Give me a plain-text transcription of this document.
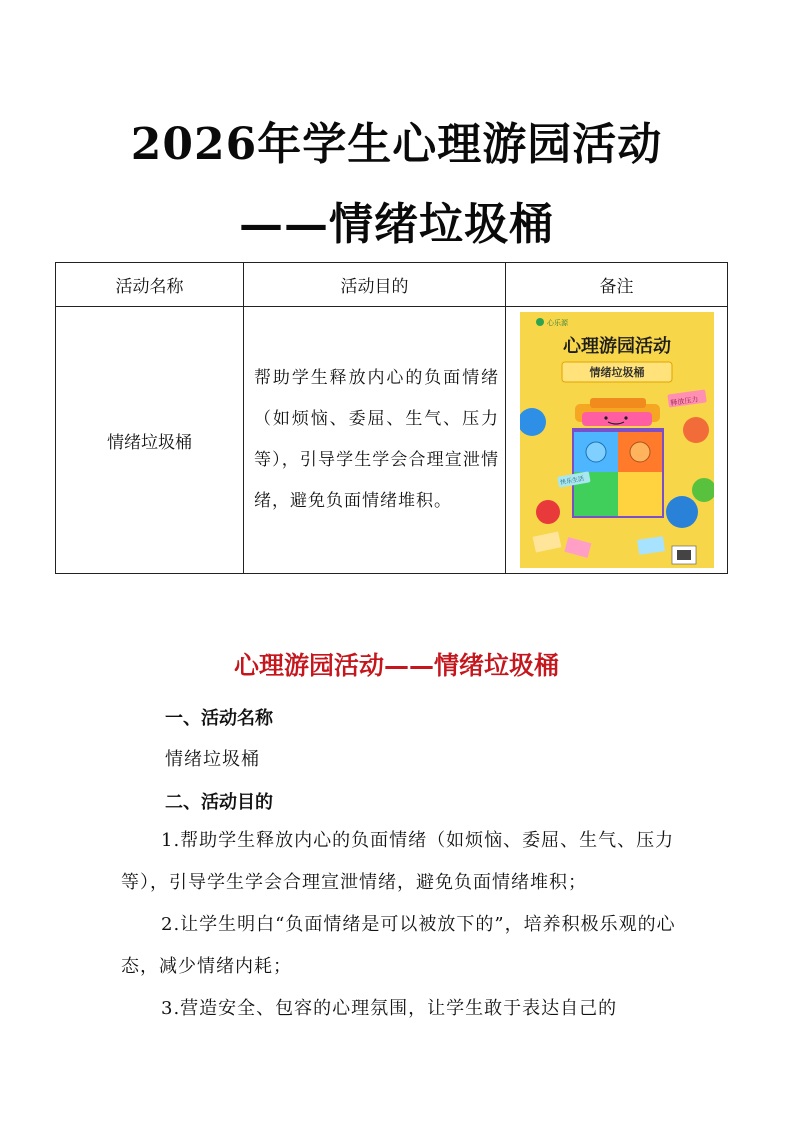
2026年学生心理游园活动
——情绪垃圾桶
活动名称	活动目的	备注
情绪垃圾桶	帮助学生释放内心的负面情绪（如烦恼、委屈、生气、压力等），引导学生学会合理宣泄情绪，避免负面情绪堆积。	心乐源
心理游园活动
情绪垃圾桶
释放压力
快乐生活
心理游园活动——情绪垃圾桶
一、活动名称
情绪垃圾桶
二、活动目的
1.帮助学生释放内心的负面情绪（如烦恼、委屈、生气、压力等），引导学生学会合理宣泄情绪，避免负面情绪堆积；
2.让学生明白“负面情绪是可以被放下的”，培养积极乐观的心态，减少情绪内耗；
3.营造安全、包容的心理氛围，让学生敢于表达自己的
